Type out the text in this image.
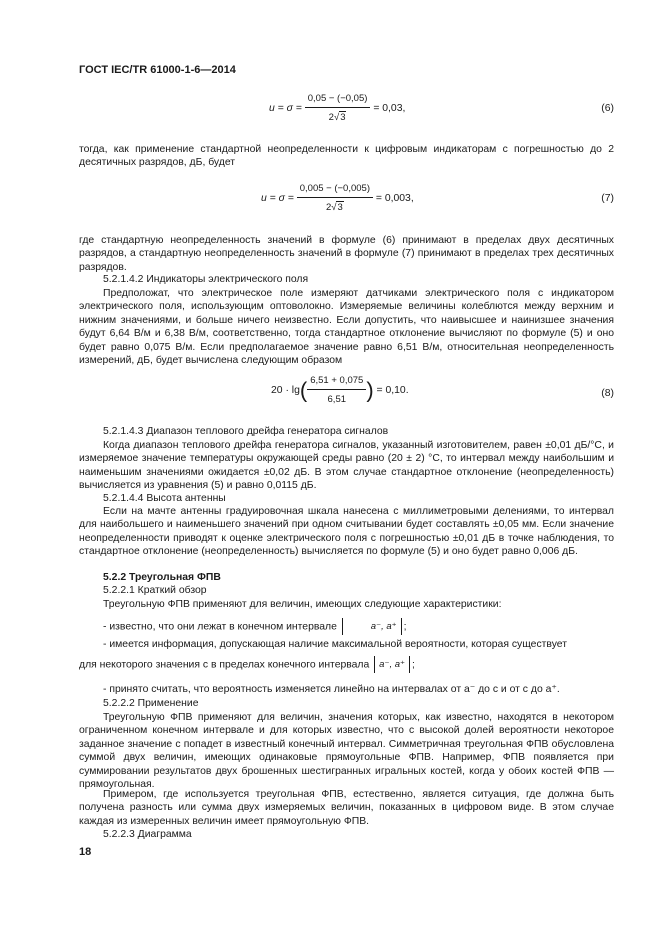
ГОСТ IEC/TR 61000-1-6—2014
$u = \sigma = \frac{0,05 - (-0,05)}{2√3} = 0,03$,	(6)
тогда, как применение стандартной неопределенности к цифровым индикаторам с погрешностью до 2 десятичных разрядов, дБ, будет
$u = \sigma = \frac{0,005 - (-0,005)}{2√3} = 0,003$,	(7)
где стандартную неопределенность значений в формуле (6) принимают в пределах двух десятичных разрядов, а стандартную неопределенность значений в формуле (7) принимают в пределах трех десятичных разрядов.
5.2.1.4.2 Индикаторы электрического поля
Предположат, что электрическое поле измеряют датчиками электрического поля с индикатором электрического поля, использующим оптоволокно. Измеряемые величины колеблются между верхним и нижним значениями, и больше ничего неизвестно. Если допустить, что наивысшее и наинизшее значения будут 6,64 В/м и 6,38 В/м, соответственно, тогда стандартное отклонение вычисляют по формуле (5) и оно будет равно 0,075 В/м. Если предполагаемое значение равно 6,51 В/м, относительная неопределенность измерений, дБ, будет вычислена следующим образом
$20 \cdot \lg( \frac{6,51 + 0,075}{6,51}$ ) = 0,10.	(8)
5.2.1.4.3 Диапазон теплового дрейфа генератора сигналов
Когда диапазон теплового дрейфа генератора сигналов, указанный изготовителем, равен ±0,01 дБ/°C, и измеряемое значение температуры окружающей среды равно (20 ± 2) °C, то интервал между наибольшим и наименьшим значениями ожидается ±0,02 дБ. В этом случае стандартное отклонение (неопределенность) вычисляется из уравнения (5) и равно 0,0115 дБ.
5.2.1.4.4 Высота антенны
Если на мачте антенны градуировочная шкала нанесена с миллиметровыми делениями, то интервал для наибольшего и наименьшего значений при одном считывании будет составлять ±0,05 мм. Если значение неопределенности приводят к оценке электрического поля с погрешностью ±0,01 дБ в точке наблюдения, то стандартное отклонение (неопределенность) вычисляется по формуле (5) и оно будет равно 0,006 дБ.
5.2.2 Треугольная ФПВ
5.2.2.1 Краткий обзор
Треугольную ФПВ применяют для величин, имеющих следующие характеристики:
- известно, что они лежат в конечном интервале	a⁻, a⁺ ;
- имеется информация, допускающая наличие максимальной вероятности, которая существует
для некоторого значения с в пределах конечного интервала a⁻, a⁺ ;
- принято считать, что вероятность изменяется линейно на интервалах от a⁻ до c и от c до a⁺.
5.2.2.2 Применение
Треугольную ФПВ применяют для величин, значения которых, как известно, находятся в некотором ограниченном конечном интервале и для которых известно, что с высокой долей вероятности некоторое заданное значение c попадет в известный конечный интервал. Симметричная треугольная ФПВ обусловлена суммой двух величин, имеющих одинаковые прямоугольные ФПВ. Например, ФПВ появляется при суммировании результатов двух брошенных шестигранных игральных костей, когда у обоих костей ФПВ — прямоугольная.
Примером, где используется треугольная ФПВ, естественно, является ситуация, где должна быть получена разность или сумма двух измеряемых величин, показанных в цифровом виде. В этом случае каждая из измеренных величин имеет прямоугольную ФПВ.
5.2.2.3 Диаграмма
18
